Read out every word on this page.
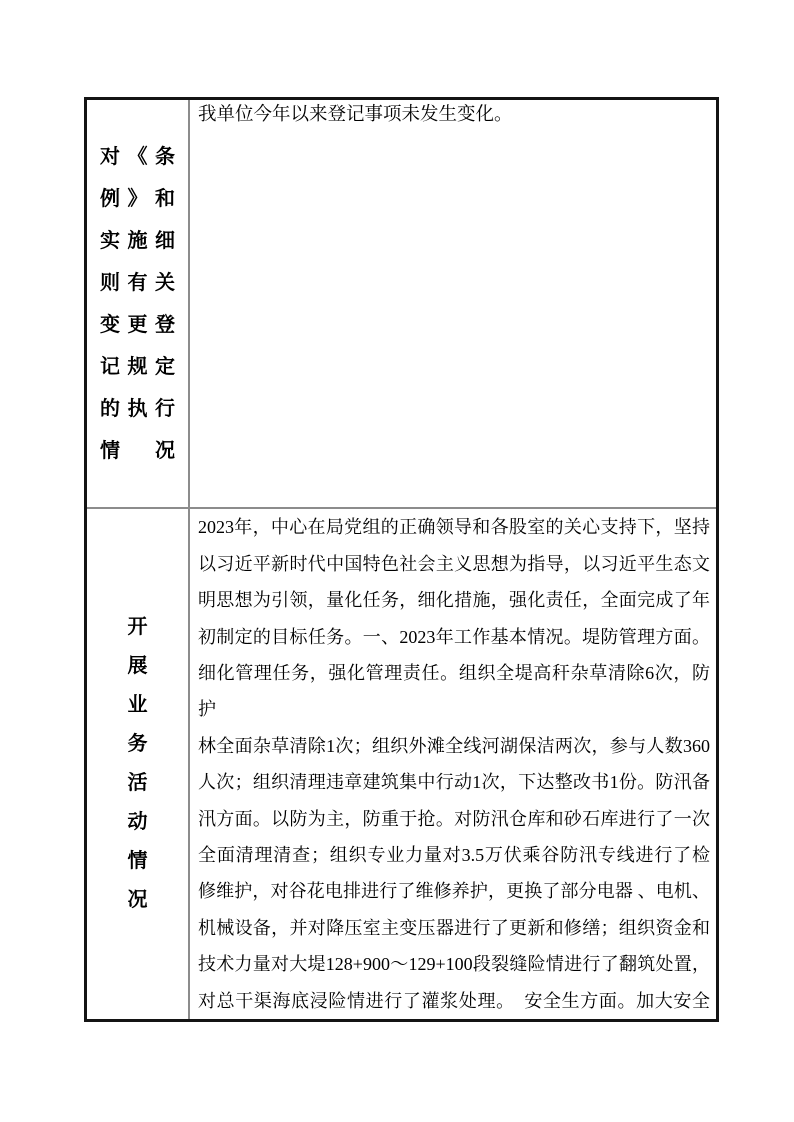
对《条
例》和
实施细
则有关
变更登
记规定
的执行
情　况
我单位今年以来登记事项未发生变化。
开
展
业
务
活
动
情
况
2023年，中心在局党组的正确领导和各股室的关心支持下，坚持
以习近平新时代中国特色社会主义思想为指导，以习近平生态文
明思想为引领，量化任务，细化措施，强化责任，全面完成了年
初制定的目标任务。一、2023年工作基本情况。堤防管理方面。
细化管理任务，强化管理责任。组织全堤高秆杂草清除6次，防护
林全面杂草清除1次；组织外滩全线河湖保洁两次，参与人数360
人次；组织清理违章建筑集中行动1次，下达整改书1份。防汛备
汛方面。以防为主，防重于抢。对防汛仓库和砂石库进行了一次
全面清理清查；组织专业力量对3.5万伏乘谷防汛专线进行了检
修维护，对谷花电排进行了维修养护，更换了部分电器 、电机、
机械设备，并对降压室主变压器进行了更新和修缮；组织资金和
技术力量对大堤128+900～129+100段裂缝险情进行了翻筑处置，
对总干渠海底浸险情进行了灌浆处理。　安全生方面。加大安全
